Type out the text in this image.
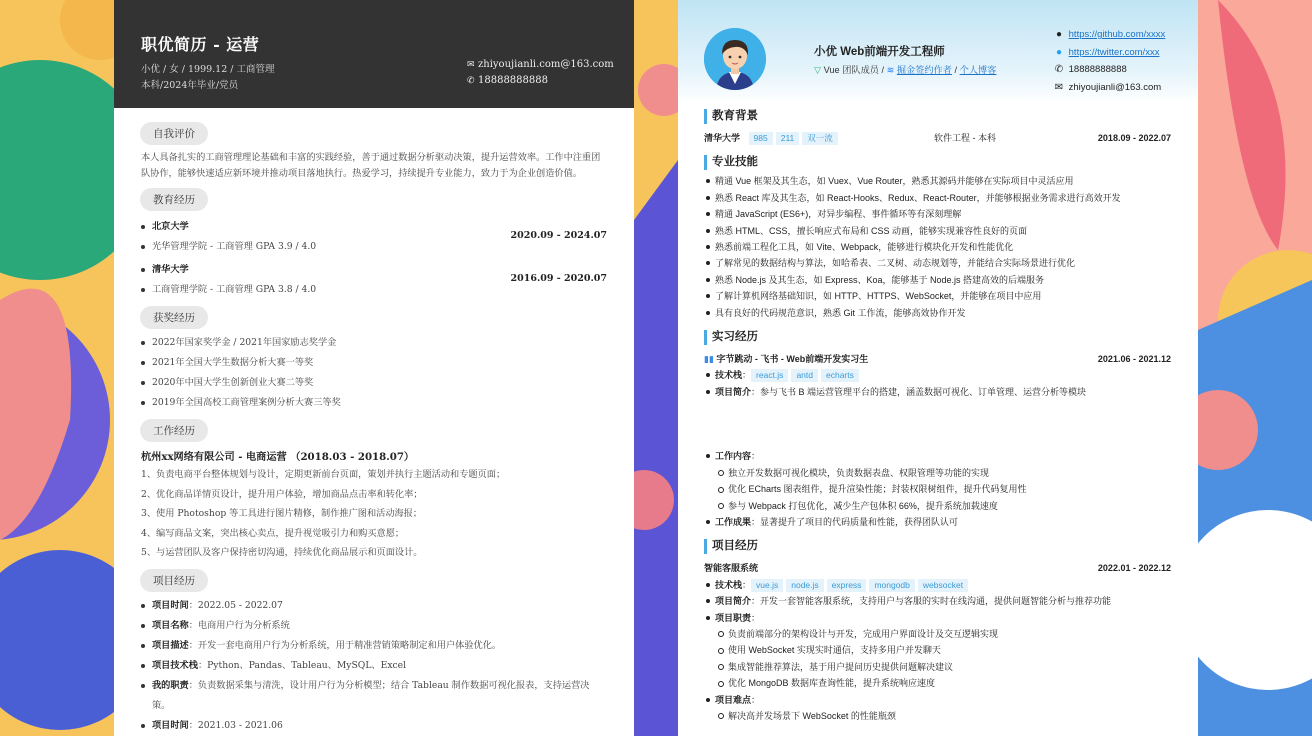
职优简历 - 运营
小优 / 女 / 1999.12 / 工商管理
本科/2024年毕业/党员
✉ zhiyoujianli.com@163.com
✆ 18888888888
自我评价
本人具备扎实的工商管理理论基础和丰富的实践经验，善于通过数据分析驱动决策，提升运营效率。工作中注重团队协作，能够快速适应新环境并推动项目落地执行。热爱学习，持续提升专业能力，致力于为企业创造价值。
教育经历
北京大学
光华管理学院 - 工商管理 GPA 3.9 / 4.0
2020.09 - 2024.07
清华大学
工商管理学院 - 工商管理 GPA 3.8 / 4.0
2016.09 - 2020.07
获奖经历
2022年国家奖学金 / 2021年国家励志奖学金
2021年全国大学生数据分析大赛一等奖
2020年中国大学生创新创业大赛二等奖
2019年全国高校工商管理案例分析大赛三等奖
工作经历
杭州xx网络有限公司 - 电商运营 （2018.03 - 2018.07）
1、负责电商平台整体规划与设计，定期更新前台页面，策划并执行主题活动和专题页面；
2、优化商品详情页设计，提升用户体验，增加商品点击率和转化率；
3、使用 Photoshop 等工具进行图片精修，制作推广图和活动海报；
4、编写商品文案，突出核心卖点，提升视觉吸引力和购买意愿；
5、与运营团队及客户保持密切沟通，持续优化商品展示和页面设计。
项目经历
项目时间：2022.05 - 2022.07
项目名称：电商用户行为分析系统
项目描述：开发一套电商用户行为分析系统，用于精准营销策略制定和用户体验优化。
项目技术栈：Python、Pandas、Tableau、MySQL、Excel
我的职责：负责数据采集与清洗，设计用户行为分析模型；结合 Tableau 制作数据可视化报表，支持运营决策。
项目时间：2021.03 - 2021.06
小优 Web前端开发工程师
▽ Vue 团队成员 / ≋ 掘金签约作者 / 个人博客
● https://github.com/xxxx
● https://twitter.com/xxx
✆ 18888888888
✉ zhiyoujianli@163.com
教育背景
清华大学 985 211 双一流	软件工程 - 本科	2018.09 - 2022.07
专业技能
精通 Vue 框架及其生态，如 Vuex、Vue Router，熟悉其源码并能够在实际项目中灵活应用
熟悉 React 库及其生态，如 React-Hooks、Redux、React-Router，并能够根据业务需求进行高效开发
精通 JavaScript (ES6+)，对异步编程、事件循环等有深刻理解
熟悉 HTML、CSS，擅长响应式布局和 CSS 动画，能够实现兼容性良好的页面
熟悉前端工程化工具，如 Vite、Webpack，能够进行模块化开发和性能优化
了解常见的数据结构与算法，如哈希表、二叉树、动态规划等，并能结合实际场景进行优化
熟悉 Node.js 及其生态，如 Express、Koa，能够基于 Node.js 搭建高效的后端服务
了解计算机网络基础知识，如 HTTP、HTTPS、WebSocket，并能够在项目中应用
具有良好的代码规范意识，熟悉 Git 工作流，能够高效协作开发
实习经历
▮▮ 字节跳动 - 飞书 - Web前端开发实习生	2021.06 - 2021.12
技术栈： react.js antd echarts
项目简介：参与飞书 B 端运营管理平台的搭建，涵盖数据可视化、订单管理、运营分析等模块
工作内容：
独立开发数据可视化模块，负责数据表盘、权限管理等功能的实现
优化 ECharts 图表组件，提升渲染性能；封装权限树组件，提升代码复用性
参与 Webpack 打包优化，减少生产包体积 66%，提升系统加载速度
工作成果：显著提升了项目的代码质量和性能，获得团队认可
项目经历
智能客服系统	2022.01 - 2022.12
技术栈： vue.js node.js express mongodb websocket
项目简介：开发一套智能客服系统，支持用户与客服的实时在线沟通，提供问题智能分析与推荐功能
项目职责：
负责前端部分的架构设计与开发，完成用户界面设计及交互逻辑实现
使用 WebSocket 实现实时通信，支持多用户并发聊天
集成智能推荐算法，基于用户提问历史提供问题解决建议
优化 MongoDB 数据库查询性能，提升系统响应速度
项目难点：
解决高并发场景下 WebSocket 的性能瓶颈
